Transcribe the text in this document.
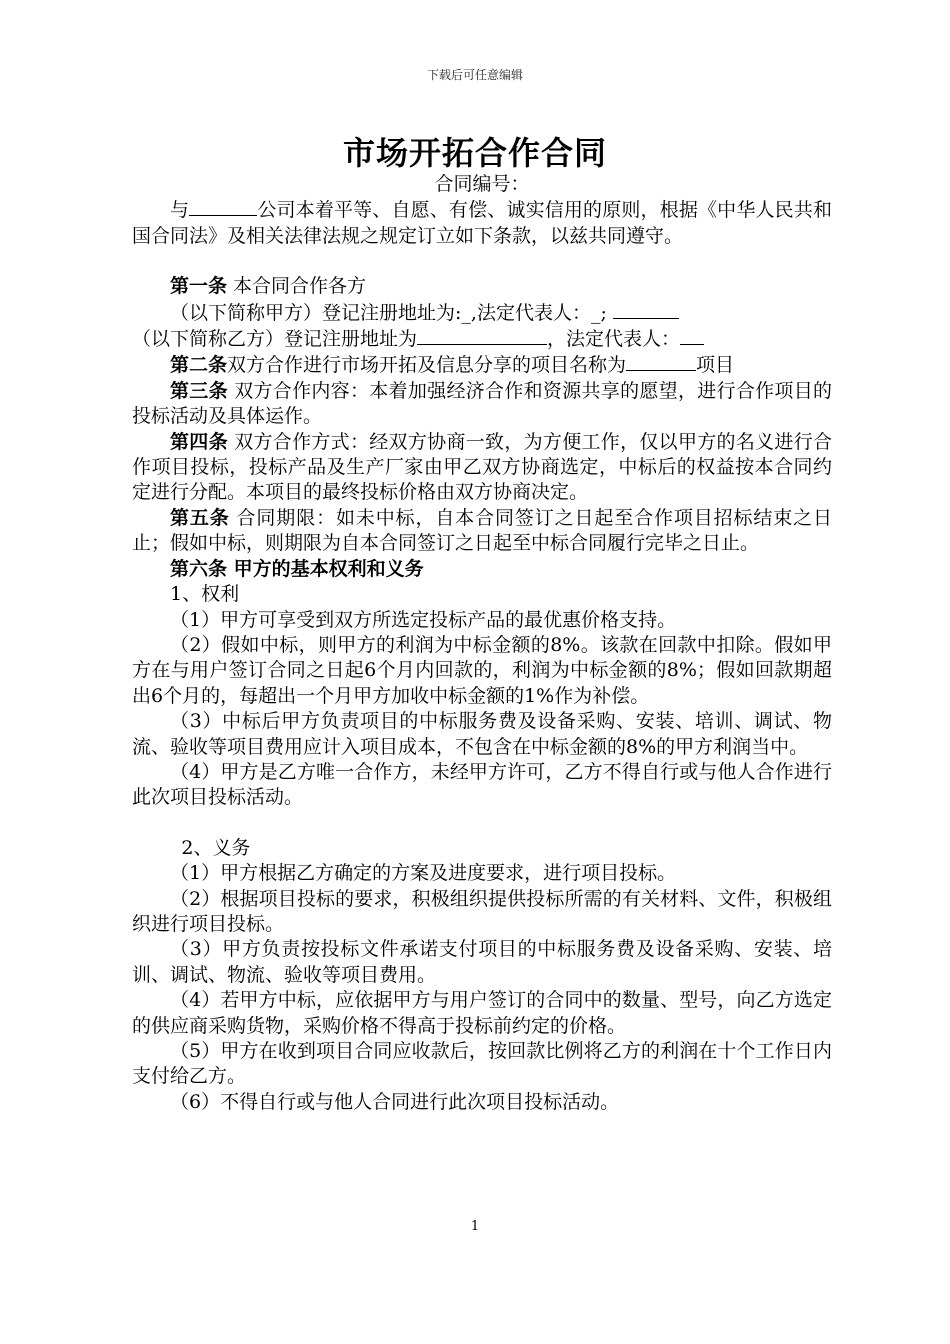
下载后可任意编辑
市场开拓合作合同

合同编号：

与	公司本着平等、自愿、有偿、诚实信用的原则，根据《中华人民共和国合同法》及相关法律法规之规定订立如下条款，以兹共同遵守。

第一条 本合同合作各方

（以下简称甲方）登记注册地址为:_,法定代表人：_;

（以下简称乙方）登记注册地址为	，法定代表人：

第二条双方合作进行市场开拓及信息分享的项目名称为	项目

第三条 双方合作内容：本着加强经济合作和资源共享的愿望，进行合作项目的投标活动及具体运作。

第四条 双方合作方式：经双方协商一致，为方便工作，仅以甲方的名义进行合作项目投标，投标产品及生产厂家由甲乙双方协商选定，中标后的权益按本合同约定进行分配。本项目的最终投标价格由双方协商决定。

第五条 合同期限：如未中标，自本合同签订之日起至合作项目招标结束之日止；假如中标，则期限为自本合同签订之日起至中标合同履行完毕之日止。

第六条 甲方的基本权利和义务

1、权利

（1）甲方可享受到双方所选定投标产品的最优惠价格支持。

（2）假如中标，则甲方的利润为中标金额的8%。该款在回款中扣除。假如甲方在与用户签订合同之日起6个月内回款的，利润为中标金额的8%；假如回款期超出6个月的，每超出一个月甲方加收中标金额的1%作为补偿。

（3）中标后甲方负责项目的中标服务费及设备采购、安装、培训、调试、物流、验收等项目费用应计入项目成本，不包含在中标金额的8%的甲方利润当中。

（4）甲方是乙方唯一合作方，未经甲方许可，乙方不得自行或与他人合作进行此次项目投标活动。

2、义务

（1）甲方根据乙方确定的方案及进度要求，进行项目投标。

（2）根据项目投标的要求，积极组织提供投标所需的有关材料、文件，积极组织进行项目投标。

（3）甲方负责按投标文件承诺支付项目的中标服务费及设备采购、安装、培训、调试、物流、验收等项目费用。

（4）若甲方中标，应依据甲方与用户签订的合同中的数量、型号，向乙方选定的供应商采购货物，采购价格不得高于投标前约定的价格。

（5）甲方在收到项目合同应收款后，按回款比例将乙方的利润在十个工作日内支付给乙方。

（6）不得自行或与他人合同进行此次项目投标活动。

1
